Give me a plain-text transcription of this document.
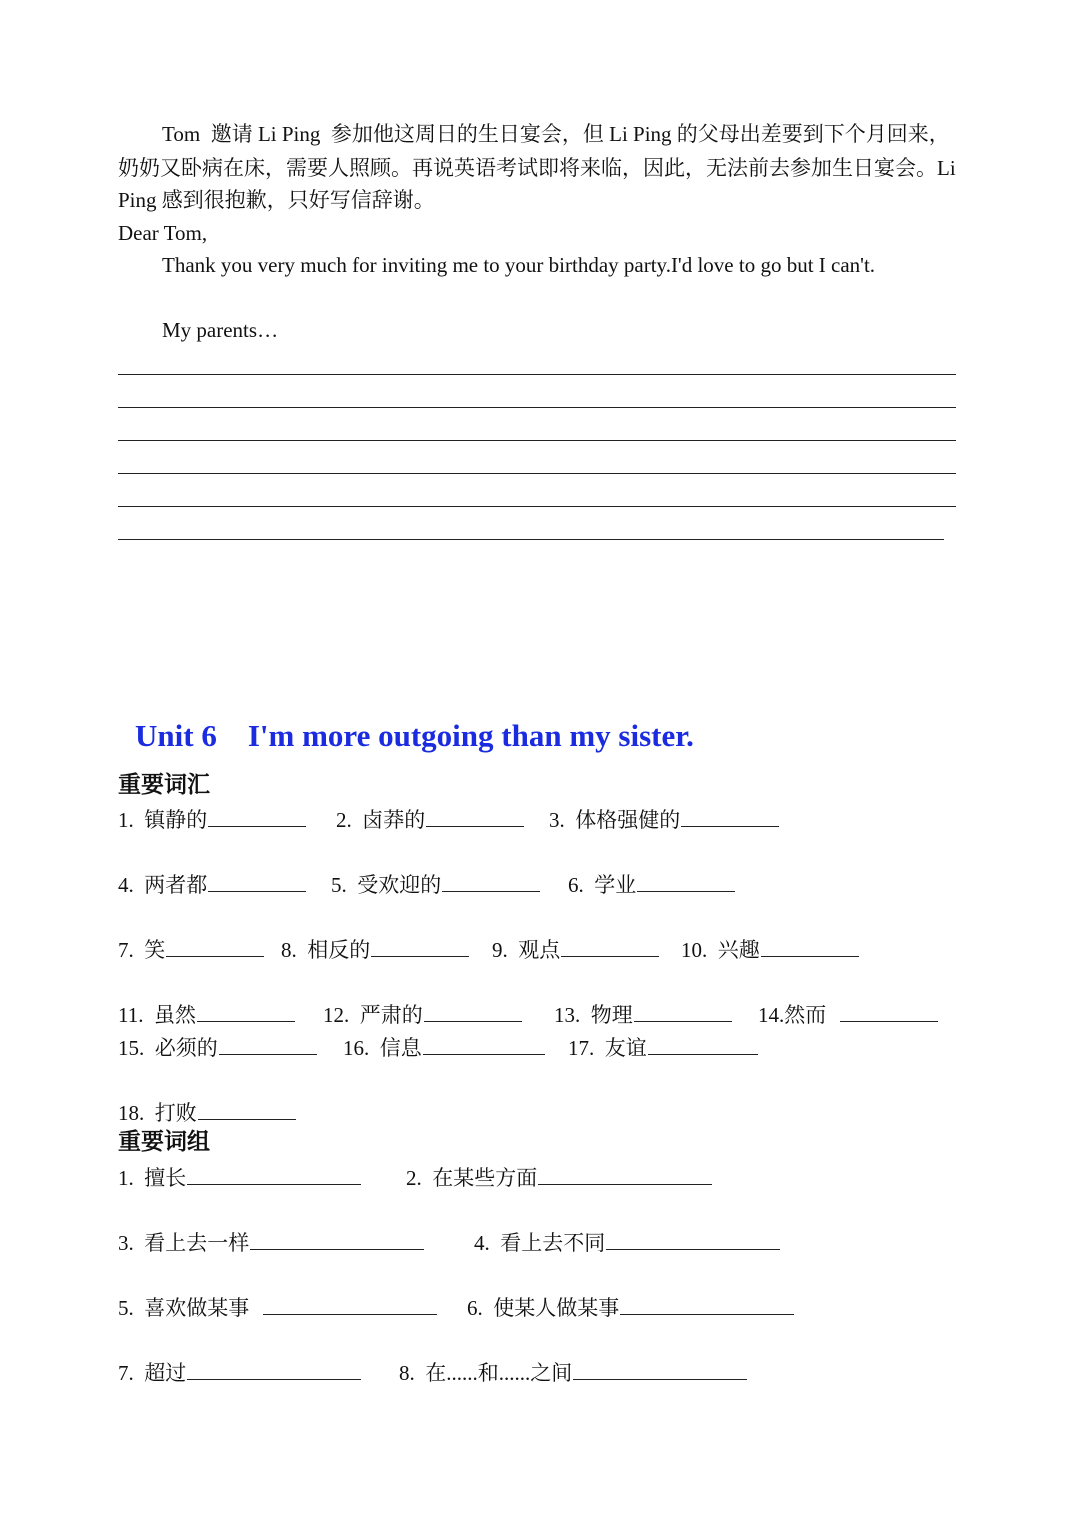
Tom  邀请 Li Ping  参加他这周日的生日宴会，但 Li Ping 的父母出差要到下个月回来，
奶奶又卧病在床，需要人照顾。再说英语考试即将来临，因此，无法前去参加生日宴会。Li
Ping 感到很抱歉，只好写信辞谢。
Dear Tom,
Thank you very much for inviting me to your birthday party.I'd love to go but I can't.
My parents…
Unit 6    I'm more outgoing than my sister.
重要词汇
1.  镇静的	2.  卤莽的	3.  体格强健的
4.  两者都	5.  受欢迎的	6.  学业
7.  笑	8.  相反的	9.  观点	10.  兴趣
11.  虽然	12.  严肃的	13.  物理	14.然而
15.  必须的	16.  信息	17.  友谊
18.  打败
重要词组
1.  擅长	2.  在某些方面
3.  看上去一样	4.  看上去不同
5.  喜欢做某事	6.  使某人做某事
7.  超过	8.  在......和......之间
